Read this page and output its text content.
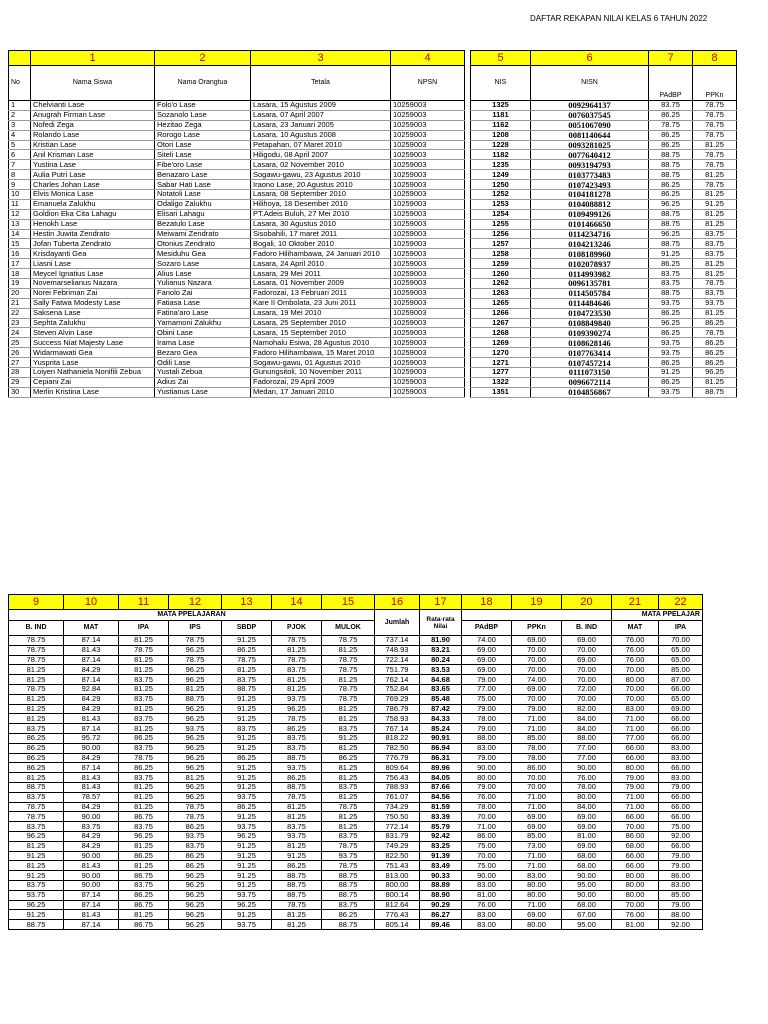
DAFTAR REKAPAN NILAI KELAS 6 TAHUN 2022
	1	2	3	4		5	6	7	8
No	Nama Siswa	Nama Orangtua	Tetala	NPSN		NIS	NISN	PAdBP	PPKn
1	Chelvianti Lase	Folo'o Lase	Lasara, 15 Agustus 2009	10259003		1325	0092964137	83.75	78.75
2	Anugrah Firman Lase	Sozanolo Lase	Lasara, 07 April 2007	10259003		1181	0076037545	86.25	78.75
3	Nofedi Zega	Hezitao Zega	Lasara, 23 Januari 2005	10259003		1162	0051067090	78.75	78.75
4	Rolando Lase	Rorogo Lase	Lasara, 10 Agustus 2008	10259003		1208	0081140644	86.25	78.75
5	Kristian Lase	Otori Lase	Petapahan, 07 Maret 2010	10259003		1228	0093281025	86.25	81.25
6	Anil Krisman Lase	Siteli Lase	Hiligodu, 08 April 2007	10259003		1182	0077640412	88.75	78.75
7	Yustina Lase	Fibe'oro Lase	Lasara, 02 November 2010	10259003		1235	0093194793	88.75	78.75
8	Aulia Putri Lase	Benazaro Lase	Sogawu-gawu, 23 Agustus 2010	10259003		1249	0103773483	88.75	81.25
9	Charles Johan Lase	Sabar Hati Lase	Iraono Lase, 20 Agustus 2010	10259003		1250	0107423493	86.25	78.75
10	Elvis Monica Lase	Notatoli Lase	Lasara, 08 September 2010	10259003		1252	0104181278	86.25	81.25
11	Emanuela Zalukhu	Odaligo Zalukhu	Hilihoya, 18 Desember 2010	10259003		1253	0104088812	96.25	91.25
12	Goldion Eka Cita Lahagu	Elisari Lahagu	PT.Adeis Buluh, 27 Mei 2010	10259003		1254	0109499126	88.75	81.25
13	Henokh Lase	Bezatulo Lase	Lasara, 30 Agustus 2010	10259003		1255	0101466650	88.75	81.25
14	Hestin Juwita Zendrato	Meiwami Zendrato	Sisobahili, 17 maret 2011	10259003		1256	0114234716	96.25	83.75
15	Jofan Tuberta Zendrato	Otonius Zendrato	Bogali, 10 Oktober 2010	10259003		1257	0104213246	88.75	83.75
16	Krisdayanti Gea	Mesiduhu Gea	Fadoro Hilihambawa, 24 Januari 2010	10259003		1258	0108189960	91.25	83.75
17	Liasni Lase	Sozaro Lase	Lasara, 24 April 2010	10259003		1259	0102078937	86.25	81.25
18	Meycel Ignatius Lase	Alius Lase	Lasara, 29 Mei 2011	10259003		1260	0114993982	83.75	81.25
19	Novemarselianus Nazara	Yulianus Nazara	Lasara, 01 November 2009	10259003		1262	0096135781	83.75	78.75
20	Norei Febriman Zai	Fanolo Zai	Fadorozai, 13 Februari 2011	10259003		1263	0114505784	88.75	83.75
21	Sally Fatwa Modesty Lase	Fatiasa Lase	Kare II Ombolata, 23 Juni 2011	10259003		1265	0114484646	93.75	93.75
22	Saksena Lase	Fatina'aro Lase	Lasara, 19 Mei 2010	10259003		1266	0104723530	86.25	81.25
23	Sephta Zalukhu	Yamamoni Zalukhu	Lasara, 25 September 2010	10259003		1267	0108849840	96.25	86.25
24	Steven Alvin Lase	Obini Lase	Lasara, 15 September 2010	10259003		1268	0109390274	86.25	78.75
25	Success Niat Majesty Lase	Irama Lase	Namohalu Esiwa, 28 Agustus 2010	10259003		1269	0108628146	93.75	86.25
26	Widarmawati Gea	Bezaro Gea	Fadoro Hilihambawa, 15 Maret 2010	10259003		1270	0107763414	93.75	86.25
27	Yusprita Lase	Odili Lase	Sogawu-gawu, 01 Agustus 2010	10259003		1271	0107457214	86.25	86.25
28	Loiyen Nathaniela Nonifili Zebua	Yustali Zebua	Gunungsitoli, 10 November 2011	10259003		1277	0111073150	91.25	96.25
29	Cepiani Zai	Adius Zai	Fadorozai, 29 April 2009	10259003		1322	0096672114	86.25	81.25
30	Merlin Kristina Lase	Yustianus Lase	Medan, 17 Januari 2010	10259003		1351	0104856867	93.75	88.75
9	10	11	12	13	14	15	16	17	18	19	20	21	22
MATA PPELAJARAN							Jumlah	Rata-rata Nilai				MATA PPELAJAR	
B. IND	MAT	IPA	IPS	SBDP	PJOK	MULOK			PAdBP	PPKn	B. IND	MAT	IPA
78.75	87.14	81.25	78.75	91.25	78.75	78.75	737.14	81.90	74.00	69.00	69.00	76.00	70.00
78.75	81.43	78.75	96.25	86.25	81.25	81.25	748.93	83.21	69.00	70.00	70.00	76.00	65.00
78.75	87.14	81.25	78.75	78.75	78.75	78.75	722.14	80.24	69.00	70.00	69.00	76.00	65.00
81.25	84.29	81.25	96.25	81.25	83.75	78.75	751.79	83.53	69.00	70.00	70.00	70.00	85.00
81.25	87.14	83.75	96.25	83.75	81.25	81.25	762.14	84.68	79.00	74.00	70.00	80.00	87.00
78.75	92.84	81.25	81.25	88.75	81.25	78.75	752.84	83.65	77.00	69.00	72.00	70.00	66.00
81.25	84.29	83.75	88.75	91.25	93.75	78.75	769.29	85.48	75.00	70.00	70.00	70.00	65.00
81.25	84.29	81.25	96.25	91.25	96.25	81.25	786.79	87.42	79.00	79.00	82.00	83.00	69.00
81.25	81.43	83.75	96.25	91.25	78.75	81.25	758.93	84.33	78.00	71.00	84.00	71.00	66.00
83.75	87.14	81.25	93.75	83.75	86.25	83.75	767.14	85.24	79.00	71.00	84.00	71.00	66.00
86.25	95.72	86.25	96.25	91.25	83.75	91.25	818.22	90.91	88.00	85.00	88.00	77.00	66.00
86.25	90.00	83.75	96.25	91.25	83.75	81.25	782.50	86.94	83.00	78.00	77.00	66.00	83.00
86.25	84.29	78.75	96.25	86.25	88.75	86.25	776.79	86.31	79.00	78.00	77.00	66.00	83.00
86.25	87.14	86.25	96.25	91.25	93.75	81.25	809.64	89.96	90.00	86.00	90.00	80.00	66.00
81.25	81.43	83.75	81.25	91.25	86.25	81.25	756.43	84.05	80.00	70.00	76.00	79.00	83.00
88.75	81.43	81.25	96.25	91.25	88.75	83.75	788.93	87.66	79.00	70.00	78.00	79.00	79.00
83.75	78.57	81.25	96.25	93.75	78.75	81.25	761.07	84.56	76.00	71.00	80.00	71.00	66.00
78.75	84.29	81.25	78.75	86.25	81.25	78.75	734.29	81.59	78.00	71.00	84.00	71.00	66.00
78.75	90.00	86.75	78.75	91.25	81.25	81.25	750.50	83.39	70.00	69.00	69.00	66.00	66.00
83.75	83.75	83.75	86.25	93.75	83.75	81.25	772.14	85.79	71.00	69.00	69.00	70.00	75.00
96.25	84.29	96.25	93.75	96.25	93.75	83.75	831.79	92.42	86.00	85.00	81.00	86.00	92.00
81.25	84.29	81.25	83.75	91.25	81.25	78.75	749.29	83.25	75.00	73.00	69.00	68.00	66.00
91.25	90.00	86.25	86.25	91.25	91.25	93.75	822.50	91.39	70.00	71.00	68.00	66.00	79.00
81.25	81.43	81.25	86.25	91.25	86.25	78.75	751.43	83.49	75.00	71.00	68.00	66.00	79.00
91.25	90.00	86.75	96.25	91.25	88.75	88.75	813.00	90.33	90.00	83.00	90.00	80.00	86.00
83.75	90.00	83.75	96.25	91.25	88.75	88.75	800.00	88.89	83.00	80.00	95.00	80.00	83.00
93.75	87.14	86.25	96.25	93.75	88.75	88.75	800.14	88.90	81.00	80.00	90.00	80.00	85.00
96.25	87.14	86.75	96.25	96.25	78.75	83.75	812.64	90.29	76.00	71.00	68.00	70.00	79.00
91.25	81.43	81.25	96.25	91.25	81.25	86.25	776.43	86.27	83.00	69.00	67.00	76.00	88.00
88.75	87.14	86.75	96.25	93.75	81.25	88.75	805.14	89.46	83.00	80.00	95.00	81.00	92.00
